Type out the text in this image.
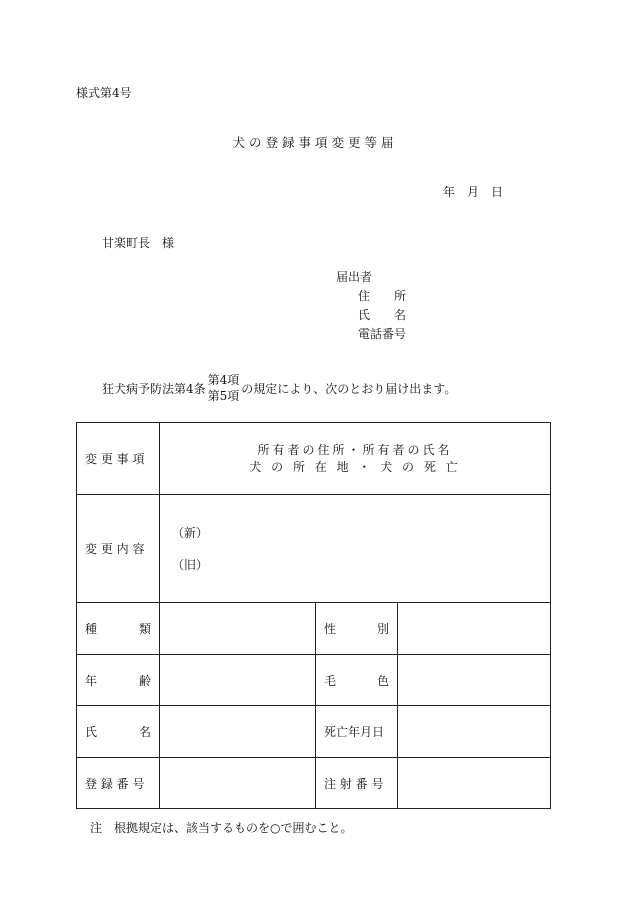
様式第4号
犬の登録事項変更等届
年　月　日
甘楽町長　様
届出者
住　　所
氏　　名
電話番号
狂犬病予防法第4条
第4項
第5項
の規定により、次のとおり届け出ます。
変 更 事 項	所有者の住所・所有者の氏名
犬 の 所 在 地 ・ 犬 の 死 亡		

変 更 内 容	（新）
（旧）		

種 類		性 別	

年 齢		毛 色	

氏 名		死亡年月日	
登 録 番 号		注 射 番 号	
注　根拠規定は、該当するものを○で囲むこと。
